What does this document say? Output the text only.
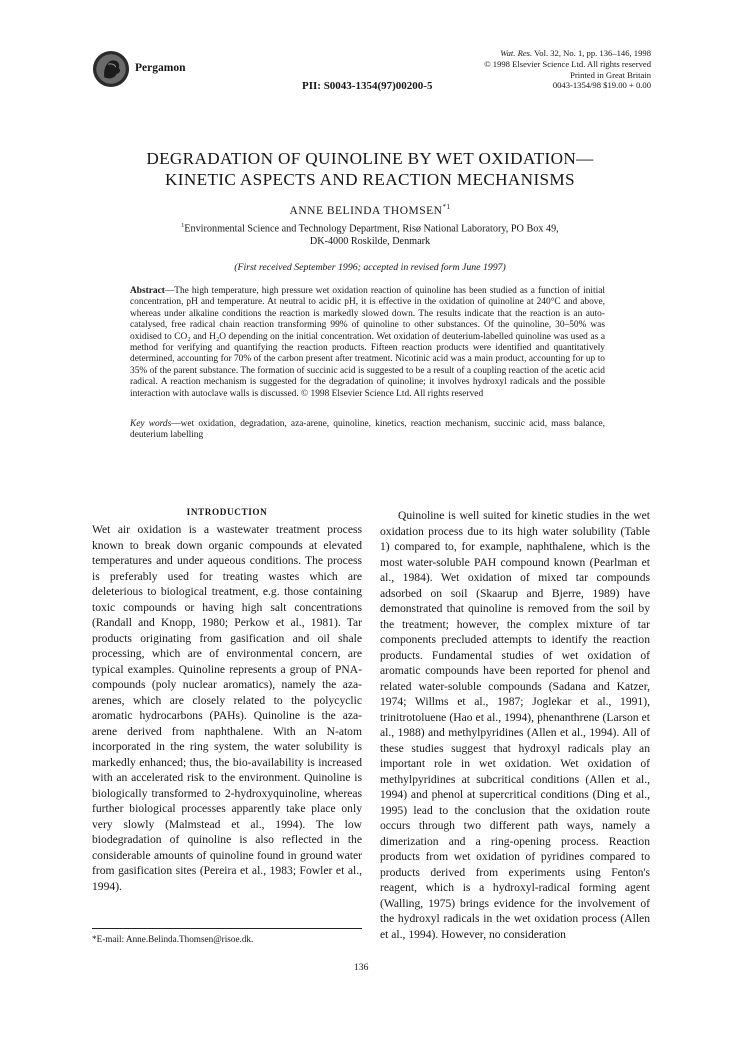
Pergamon
PII: S0043-1354(97)00200-5
Wat. Res. Vol. 32, No. 1, pp. 136–146, 1998
© 1998 Elsevier Science Ltd. All rights reserved
Printed in Great Britain
0043-1354/98 $19.00 + 0.00
DEGRADATION OF QUINOLINE BY WET OXIDATION—
KINETIC ASPECTS AND REACTION MECHANISMS
ANNE BELINDA THOMSEN$^{*1}$
$^1$Environmental Science and Technology Department, Risø National Laboratory, PO Box 49,
DK-4000 Roskilde, Denmark
(First received September 1996; accepted in revised form June 1997)
Abstract—The high temperature, high pressure wet oxidation reaction of quinoline has been studied as a function of initial concentration, pH and temperature. At neutral to acidic pH, it is effective in the oxidation of quinoline at 240°C and above, whereas under alkaline conditions the reaction is markedly slowed down. The results indicate that the reaction is an auto-catalysed, free radical chain reaction transforming 99% of quinoline to other substances. Of the quinoline, 30–50% was oxidised to CO₂ and H₂O depending on the initial concentration. Wet oxidation of deuterium-labelled quinoline was used as a method for verifying and quantifying the reaction products. Fifteen reaction products were identified and quantitatively determined, accounting for 70% of the carbon present after treatment. Nicotinic acid was a main product, accounting for up to 35% of the parent substance. The formation of succinic acid is suggested to be a result of a coupling reaction of the acetic acid radical. A reaction mechanism is suggested for the degradation of quinoline; it involves hydroxyl radicals and the possible interaction with autoclave walls is discussed. © 1998 Elsevier Science Ltd. All rights reserved
Key words—wet oxidation, degradation, aza-arene, quinoline, kinetics, reaction mechanism, succinic acid, mass balance, deuterium labelling
INTRODUCTION
Wet air oxidation is a wastewater treatment process known to break down organic compounds at elevated temperatures and under aqueous conditions. The process is preferably used for treating wastes which are deleterious to biological treatment, e.g. those containing toxic compounds or having high salt concentrations (Randall and Knopp, 1980; Perkow et al., 1981). Tar products originating from gasification and oil shale processing, which are of environmental concern, are typical examples. Quinoline represents a group of PNA-compounds (poly nuclear aromatics), namely the aza-arenes, which are closely related to the polycyclic aromatic hydrocarbons (PAHs). Quinoline is the aza-arene derived from naphthalene. With an N-atom incorporated in the ring system, the water solubility is markedly enhanced; thus, the bio-availability is increased with an accelerated risk to the environment. Quinoline is biologically transformed to 2-hydroxyquinoline, whereas further biological processes apparently take place only very slowly (Malmstead et al., 1994). The low biodegradation of quinoline is also reflected in the considerable amounts of quinoline found in ground water from gasification sites (Pereira et al., 1983; Fowler et al., 1994).
Quinoline is well suited for kinetic studies in the wet oxidation process due to its high water solubility (Table 1) compared to, for example, naphthalene, which is the most water-soluble PAH compound known (Pearlman et al., 1984). Wet oxidation of mixed tar compounds adsorbed on soil (Skaarup and Bjerre, 1989) have demonstrated that quinoline is removed from the soil by the treatment; however, the complex mixture of tar components precluded attempts to identify the reaction products. Fundamental studies of wet oxidation of aromatic compounds have been reported for phenol and related water-soluble compounds (Sadana and Katzer, 1974; Willms et al., 1987; Joglekar et al., 1991), trinitrotoluene (Hao et al., 1994), phenanthrene (Larson et al., 1988) and methylpyridines (Allen et al., 1994). All of these studies suggest that hydroxyl radicals play an important role in wet oxidation. Wet oxidation of methylpyridines at subcritical conditions (Allen et al., 1994) and phenol at supercritical conditions (Ding et al., 1995) lead to the conclusion that the oxidation route occurs through two different path ways, namely a dimerization and a ring-opening process. Reaction products from wet oxidation of pyridines compared to products derived from experiments using Fenton's reagent, which is a hydroxyl-radical forming agent (Walling, 1975) brings evidence for the involvement of the hydroxyl radicals in the wet oxidation process (Allen et al., 1994). However, no consideration
*E-mail: Anne.Belinda.Thomsen@risoe.dk.
136
